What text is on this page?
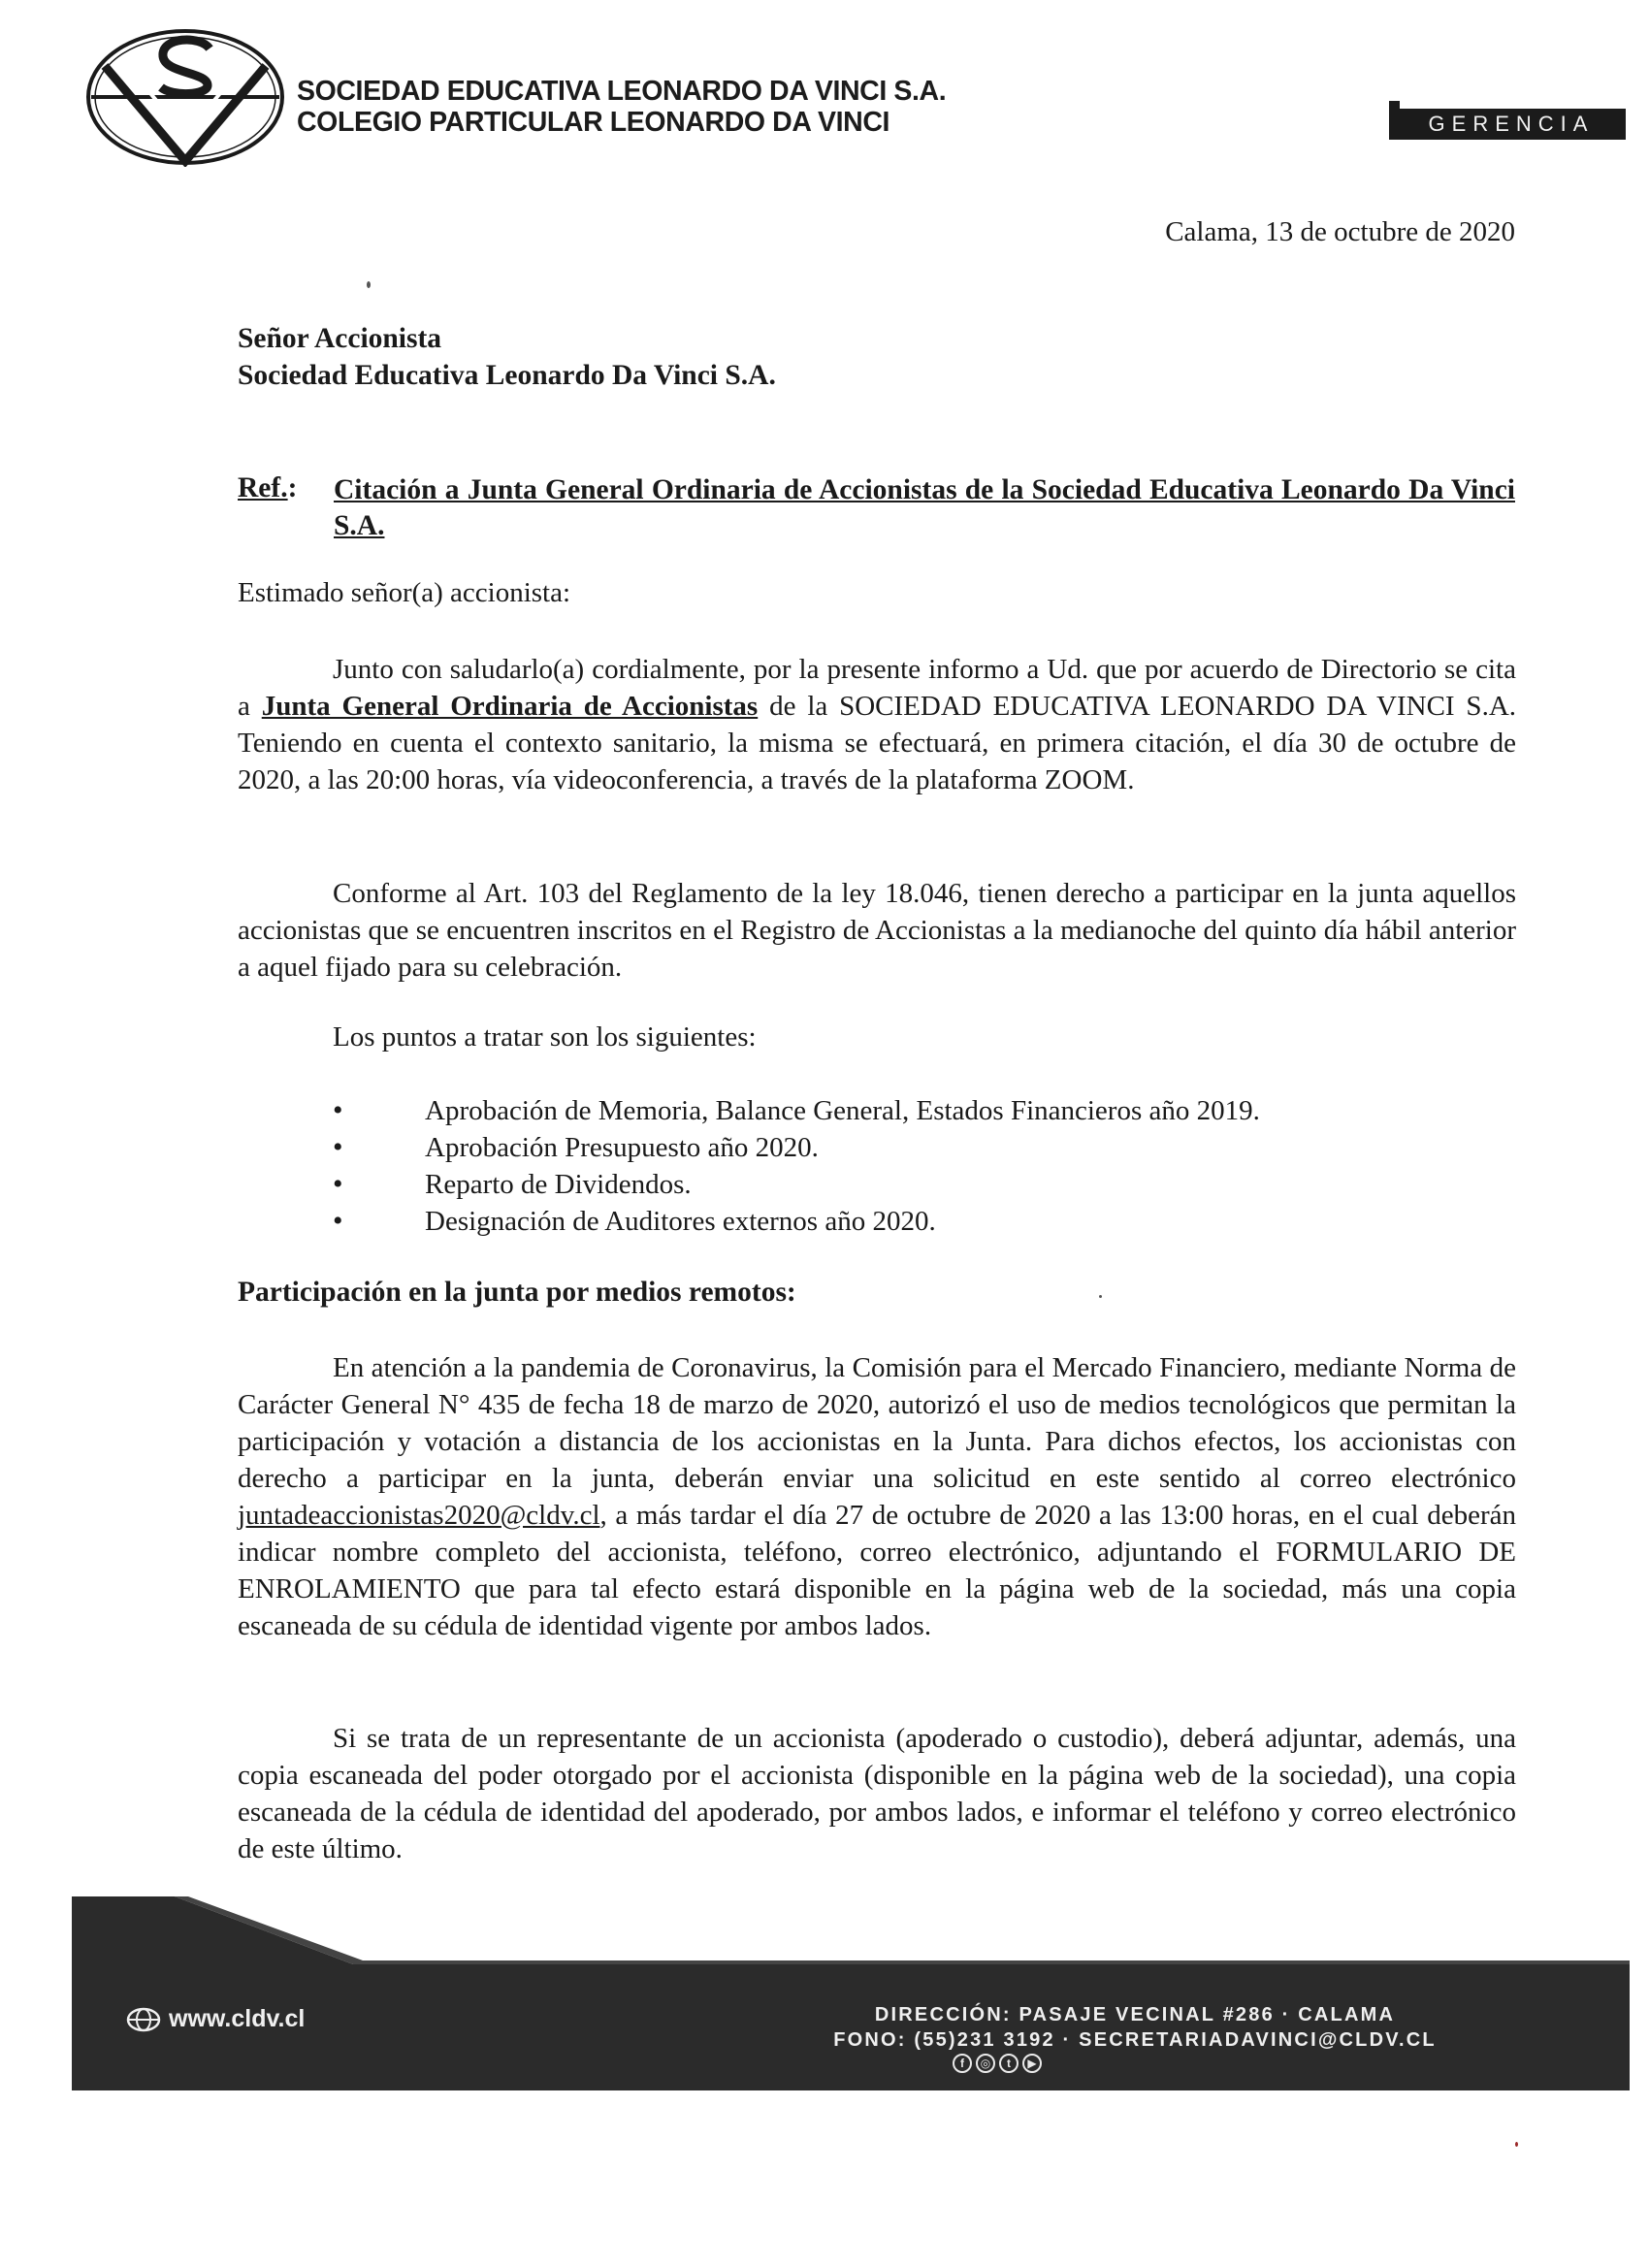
SOCIEDAD EDUCATIVA LEONARDO DA VINCI S.A.
COLEGIO PARTICULAR LEONARDO DA VINCI	GERENCIA
Calama, 13 de octubre de 2020
Señor Accionista
Sociedad Educativa Leonardo Da Vinci S.A.
Ref.: Citación a Junta General Ordinaria de Accionistas de la Sociedad Educativa Leonardo Da Vinci S.A.
Estimado señor(a) accionista:
Junto con saludarlo(a) cordialmente, por la presente informo a Ud. que por acuerdo de Directorio se cita a Junta General Ordinaria de Accionistas de la SOCIEDAD EDUCATIVA LEONARDO DA VINCI S.A. Teniendo en cuenta el contexto sanitario, la misma se efectuará, en primera citación, el día 30 de octubre de 2020, a las 20:00 horas, vía videoconferencia, a través de la plataforma ZOOM.
Conforme al Art. 103 del Reglamento de la ley 18.046, tienen derecho a participar en la junta aquellos accionistas que se encuentren inscritos en el Registro de Accionistas a la medianoche del quinto día hábil anterior a aquel fijado para su celebración.
Los puntos a tratar son los siguientes:
• Aprobación de Memoria, Balance General, Estados Financieros año 2019.
• Aprobación Presupuesto año 2020.
• Reparto de Dividendos.
• Designación de Auditores externos año 2020.
Participación en la junta por medios remotos:
En atención a la pandemia de Coronavirus, la Comisión para el Mercado Financiero, mediante Norma de Carácter General N° 435 de fecha 18 de marzo de 2020, autorizó el uso de medios tecnológicos que permitan la participación y votación a distancia de los accionistas en la Junta. Para dichos efectos, los accionistas con derecho a participar en la junta, deberán enviar una solicitud en este sentido al correo electrónico juntadeaccionistas2020@cldv.cl, a más tardar el día 27 de octubre de 2020 a las 13:00 horas, en el cual deberán indicar nombre completo del accionista, teléfono, correo electrónico, adjuntando el FORMULARIO DE ENROLAMIENTO que para tal efecto estará disponible en la página web de la sociedad, más una copia escaneada de su cédula de identidad vigente por ambos lados.
Si se trata de un representante de un accionista (apoderado o custodio), deberá adjuntar, además, una copia escaneada del poder otorgado por el accionista (disponible en la página web de la sociedad), una copia escaneada de la cédula de identidad del apoderado, por ambos lados, e informar el teléfono y correo electrónico de este último.
www.cldv.cl	DIRECCIÓN: PASAJE VECINAL #286 · CALAMA
FONO: (55)231 3192 · SECRETARIADAVINCI@CLDV.CL
f	◎	t	▶
